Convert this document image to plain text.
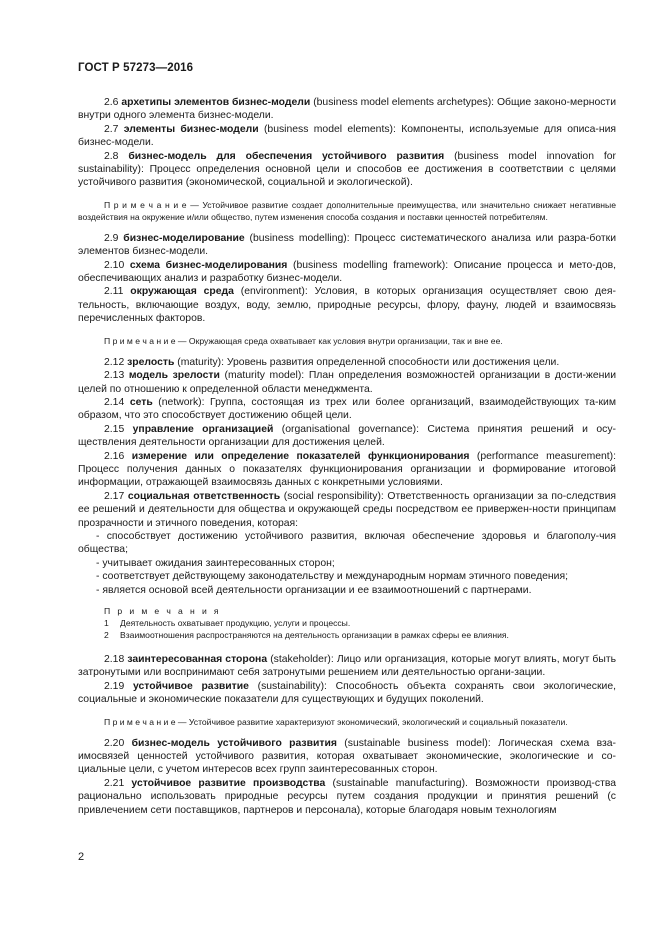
ГОСТ Р 57273—2016

2.6 архетипы элементов бизнес-модели (business model elements archetypes): Общие законо-мерности внутри одного элемента бизнес-модели.

2.7 элементы бизнес-модели (business model elements): Компоненты, используемые для описа-ния бизнес-модели.

2.8 бизнес-модель для обеспечения устойчивого развития (business model innovation for sustainability): Процесс определения основной цели и способов ее достижения в соответствии с целями устойчивого развития (экономической, социальной и экологической).

П р и м е ч а н и е — Устойчивое развитие создает дополнительные преимущества, или значительно снижает негативные воздействия на окружение и/или общество, путем изменения способа создания и поставки ценностей потребителям.

2.9 бизнес-моделирование (business modelling): Процесс систематического анализа или разра-ботки элементов бизнес-модели.

2.10 схема бизнес-моделирования (business modelling framework): Описание процесса и мето-дов, обеспечивающих анализ и разработку бизнес-модели.

2.11 окружающая среда (environment): Условия, в которых организация осуществляет свою дея-тельность, включающие воздух, воду, землю, природные ресурсы, флору, фауну, людей и взаимосвязь перечисленных факторов.

П р и м е ч а н и е — Окружающая среда охватывает как условия внутри организации, так и вне ее.

2.12 зрелость (maturity): Уровень развития определенной способности или достижения цели.

2.13 модель зрелости (maturity model): План определения возможностей организации в дости-жении целей по отношению к определенной области менеджмента.

2.14 сеть (network): Группа, состоящая из трех или более организаций, взаимодействующих та-ким образом, что это способствует достижению общей цели.

2.15 управление организацией (organisational governance): Система принятия решений и осу-ществления деятельности организации для достижения целей.

2.16 измерение или определение показателей функционирования (performance measurement): Процесс получения данных о показателях функционирования организации и формирование итоговой информации, отражающей взаимосвязь данных с конкретными условиями.

2.17 социальная ответственность (social responsibility): Ответственность организации за по-следствия ее решений и деятельности для общества и окружающей среды посредством ее привержен-ности принципам прозрачности и этичного поведения, которая:

- способствует достижению устойчивого развития, включая обеспечение здоровья и благополу-чия общества;

- учитывает ожидания заинтересованных сторон;

- соответствует действующему законодательству и международным нормам этичного поведения;

- является основой всей деятельности организации и ее взаимоотношений с партнерами.

П р и м е ч а н и я
1 Деятельность охватывает продукцию, услуги и процессы.
2 Взаимоотношения распространяются на деятельность организации в рамках сферы ее влияния.

2.18 заинтересованная сторона (stakeholder): Лицо или организация, которые могут влиять, могут быть затронутыми или воспринимают себя затронутыми решением или деятельностью органи-зации.

2.19 устойчивое развитие (sustainability): Способность объекта сохранять свои экологические, социальные и экономические показатели для существующих и будущих поколений.

П р и м е ч а н и е — Устойчивое развитие характеризуют экономический, экологический и социальный показатели.

2.20 бизнес-модель устойчивого развития (sustainable business model): Логическая схема вза-имосвязей ценностей устойчивого развития, которая охватывает экономические, экологические и со-циальные цели, с учетом интересов всех групп заинтересованных сторон.

2.21 устойчивое развитие производства (sustainable manufacturing). Возможности производ-ства рационально использовать природные ресурсы путем создания продукции и принятия решений (с привлечением сети поставщиков, партнеров и персонала), которые благодаря новым технологиям

2
